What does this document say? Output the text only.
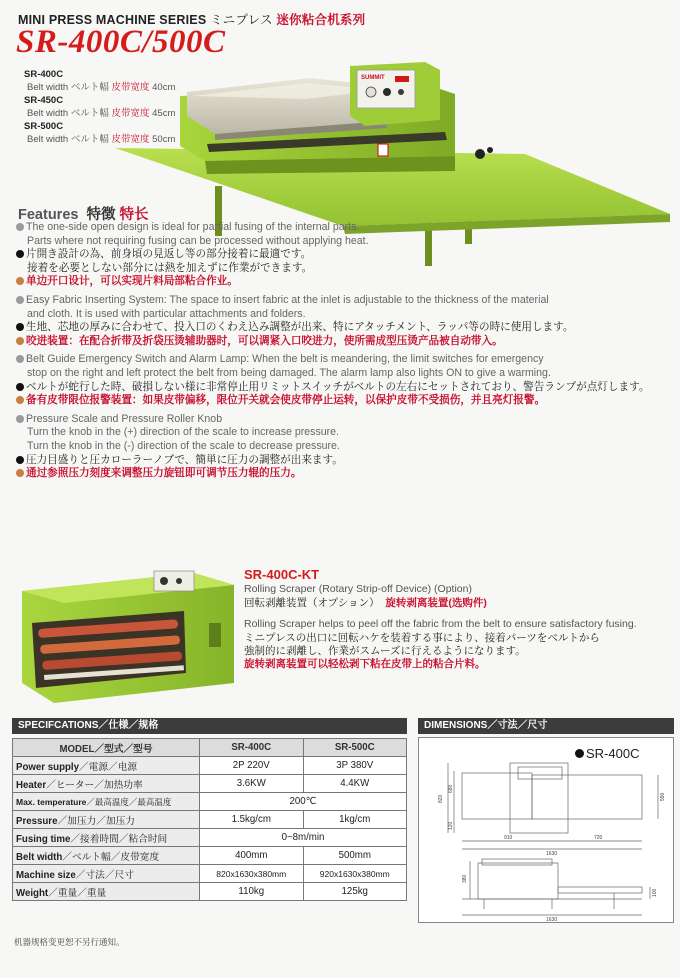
MINI PRESS MACHINE SERIES ミニプレス 迷你粘合机系列
SR-400C/500C
SUMMIT
SR-400C
Belt width ベルト幅 皮带宽度 40cm
SR-450C
Belt width ベルト幅 皮带宽度 45cm
SR-500C
Belt width ベルト幅 皮带宽度 50cm
Features 特徴 特长
The one-side open design is ideal for partial fusing of the internal parts.
Parts where not requiring fusing can be processed without applying heat.
片開き設計の為、前身頃の見返し等の部分接着に最適です。
接着を必要としない部分には熱を加えずに作業ができます。
单边开口设计，可以实现片料局部粘合作业。
Easy Fabric Inserting System: The space to insert fabric at the inlet is adjustable to the thickness of the material
and cloth. It is used with particular attachments and folders.
生地、芯地の厚みに合わせて、投入口のくわえ込み調整が出来、特にアタッチメント、ラッパ等の時に使用します。
咬进装置：在配合折带及折袋压烫辅助器时，可以调紧入口咬进力，使所需成型压烫产品被自动带入。
Belt Guide Emergency Switch and Alarm Lamp: When the belt is meandering, the limit switches for emergency
stop on the right and left protect the belt from being damaged. The alarm lamp also lights ON to give a warming.
ベルトが蛇行した時、破損しない様に非常停止用リミットスイッチがベルトの左右にセットされており、警告ランプが点灯します。
备有皮带限位报警装置：如果皮带偏移，限位开关就会使皮带停止运转，以保护皮带不受损伤，并且亮灯报警。
Pressure Scale and Pressure Roller Knob
Turn the knob in the (+) direction of the scale to increase pressure.
Turn the knob in the (-) direction of the scale to decrease pressure.
圧力目盛りと圧カローラーノブで、簡単に圧力の調整が出来ます。
通过参照压力刻度来调整压力旋钮即可调节压力辊的压力。
SR-400C-KT
Rolling Scraper (Rotary Strip-off Device) (Option)
回転剥離装置（オプション） 旋转剥离装置(选购件)
Rolling Scraper helps to peel off the fabric from the belt to ensure satisfactory fusing.
ミニプレスの出口に回転ハケを装着する事により、接着パーツをベルトから
強制的に剥離し、作業がスムーズに行えるようになります。
旋转剥离装置可以轻松剥下粘在皮带上的粘合片料。
SPECIFCATIONS／仕様／规格
MODEL／型式／型号	SR-400C	SR-500C
Power supply／電源／电源	2P 220V	3P 380V
Heater／ヒーター／加热功率	3.6KW	4.4KW
Max. temperature／最高温度／最高温度	200℃	
Pressure／加压力／加压力	1.5kg/cm	1kg/cm
Fusing time／接着時間／粘合时间	0~8m/min	
Belt width／ベルト幅／皮带宽度	400mm	500mm
Machine size／寸法／尺寸	820x1630x380mm	920x1630x380mm
Weight／重量／重量	110kg	125kg
DIMENSIONS／寸法／尺寸
820
680
120
590
910	720
1630
380
100
1630
SR-400C
机器规格变更恕不另行通知。
